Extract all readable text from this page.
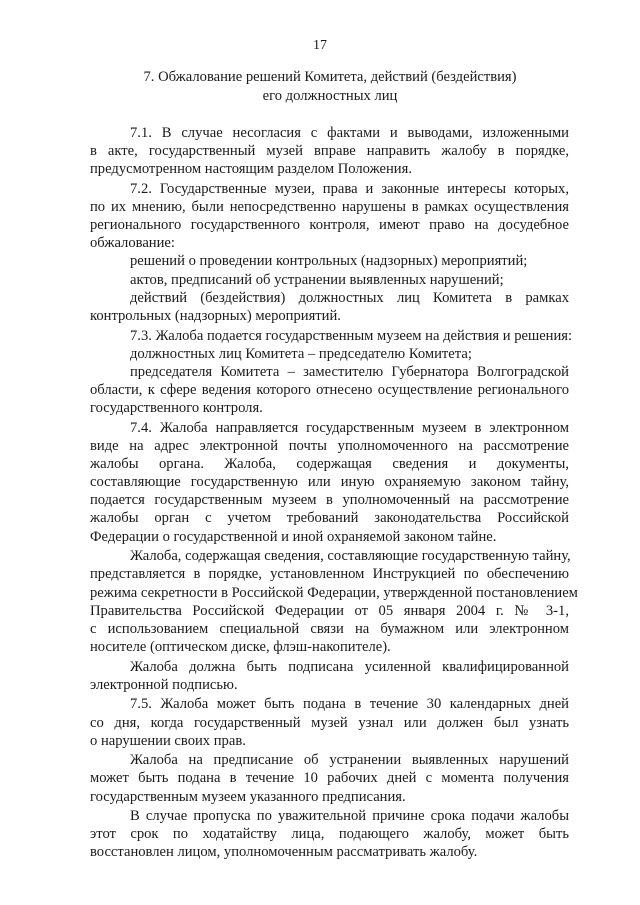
17
7. Обжалование решений Комитета, действий (бездействия)
его должностных лиц
7.1. В случае несогласия с фактами и выводами, изложенными
в акте, государственный музей вправе направить жалобу в порядке,
предусмотренном настоящим разделом Положения.
7.2. Государственные музеи, права и законные интересы которых,
по их мнению, были непосредственно нарушены в рамках осуществления
регионального государственного контроля, имеют право на досудебное
обжалование:
решений о проведении контрольных (надзорных) мероприятий;
актов, предписаний об устранении выявленных нарушений;
действий (бездействия) должностных лиц Комитета в рамках
контрольных (надзорных) мероприятий.
7.3. Жалоба подается государственным музеем на действия и решения:
должностных лиц Комитета – председателю Комитета;
председателя Комитета – заместителю Губернатора Волгоградской
области, к сфере ведения которого отнесено осуществление регионального
государственного контроля.
7.4. Жалоба направляется государственным музеем в электронном
виде на адрес электронной почты уполномоченного на рассмотрение
жалобы органа. Жалоба, содержащая сведения и документы,
составляющие государственную или иную охраняемую законом тайну,
подается государственным музеем в уполномоченный на рассмотрение
жалобы орган с учетом требований законодательства Российской
Федерации о государственной и иной охраняемой законом тайне.
Жалоба, содержащая сведения, составляющие государственную тайну,
представляется в порядке, установленном Инструкцией по обеспечению
режима секретности в Российской Федерации, утвержденной постановлением
Правительства Российской Федерации от 05 января 2004 г. № 3-1,
с использованием специальной связи на бумажном или электронном
носителе (оптическом диске, флэш-накопителе).
Жалоба должна быть подписана усиленной квалифицированной
электронной подписью.
7.5. Жалоба может быть подана в течение 30 календарных дней
со дня, когда государственный музей узнал или должен был узнать
о нарушении своих прав.
Жалоба на предписание об устранении выявленных нарушений
может быть подана в течение 10 рабочих дней с момента получения
государственным музеем указанного предписания.
В случае пропуска по уважительной причине срока подачи жалобы
этот срок по ходатайству лица, подающего жалобу, может быть
восстановлен лицом, уполномоченным рассматривать жалобу.
